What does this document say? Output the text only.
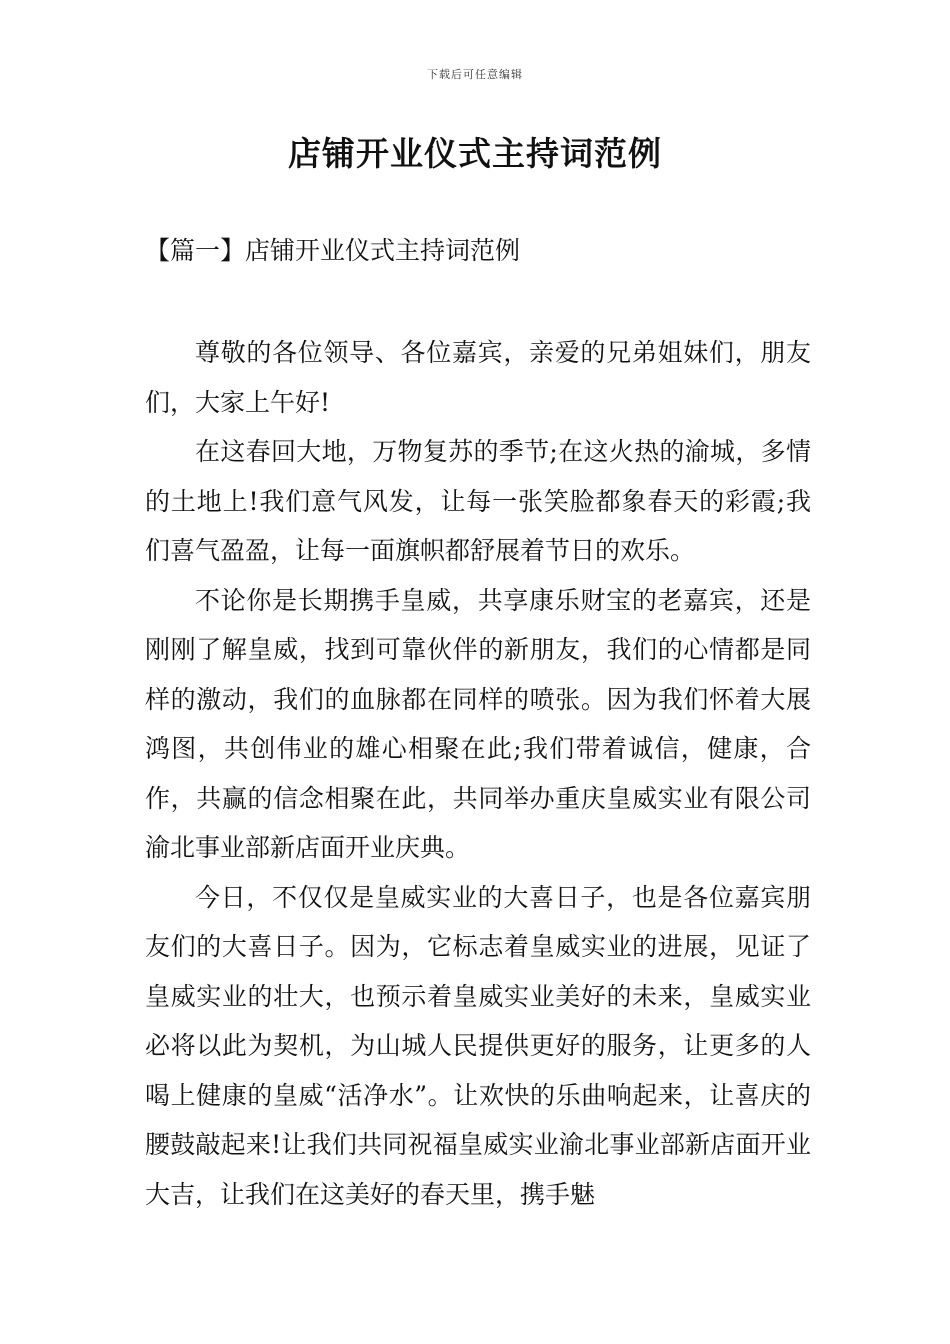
下载后可任意编辑
店铺开业仪式主持词范例
【篇一】店铺开业仪式主持词范例

尊敬的各位领导、各位嘉宾，亲爱的兄弟姐妹们，朋友们，大家上午好!

在这春回大地，万物复苏的季节;在这火热的渝城，多情的土地上!我们意气风发，让每一张笑脸都象春天的彩霞;我们喜气盈盈，让每一面旗帜都舒展着节日的欢乐。

不论你是长期携手皇威，共享康乐财宝的老嘉宾，还是刚刚了解皇威，找到可靠伙伴的新朋友，我们的心情都是同样的激动，我们的血脉都在同样的喷张。因为我们怀着大展鸿图，共创伟业的雄心相聚在此;我们带着诚信，健康，合作，共赢的信念相聚在此，共同举办重庆皇威实业有限公司渝北事业部新店面开业庆典。

今日，不仅仅是皇威实业的大喜日子，也是各位嘉宾朋友们的大喜日子。因为，它标志着皇威实业的进展，见证了皇威实业的壮大，也预示着皇威实业美好的未来，皇威实业必将以此为契机，为山城人民提供更好的服务，让更多的人喝上健康的皇威“活净水”。让欢快的乐曲响起来，让喜庆的腰鼓敲起来!让我们共同祝福皇威实业渝北事业部新店面开业大吉，让我们在这美好的春天里，携手魅
